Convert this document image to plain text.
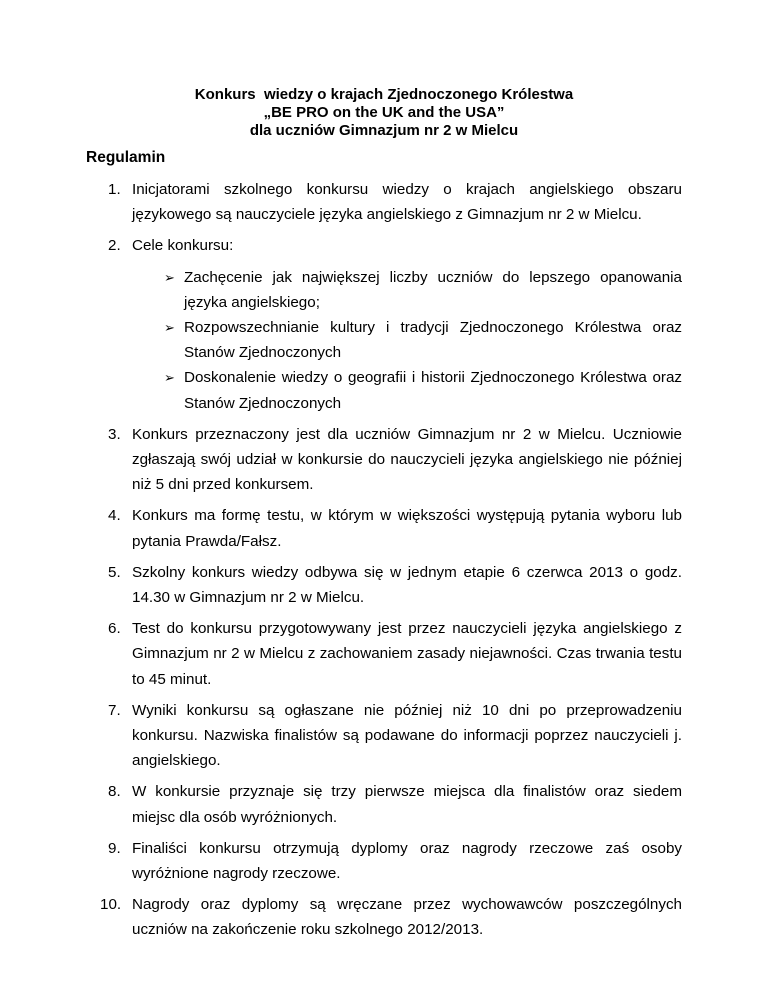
Konkurs  wiedzy o krajach Zjednoczonego Królestwa
„BE PRO on the UK and the USA”
dla uczniów Gimnazjum nr 2 w Mielcu
Regulamin
1. Inicjatorami szkolnego konkursu wiedzy o krajach angielskiego obszaru językowego są nauczyciele języka angielskiego z Gimnazjum nr 2 w Mielcu.
2. Cele konkursu:
➢ Zachęcenie jak największej liczby uczniów do lepszego opanowania języka angielskiego;
➢ Rozpowszechnianie kultury i tradycji Zjednoczonego Królestwa oraz Stanów Zjednoczonych
➢ Doskonalenie wiedzy o geografii i historii Zjednoczonego Królestwa oraz Stanów Zjednoczonych
3. Konkurs przeznaczony jest dla uczniów Gimnazjum nr 2 w Mielcu. Uczniowie zgłaszają swój udział w konkursie do nauczycieli języka angielskiego nie później niż 5 dni przed konkursem.
4. Konkurs ma formę testu, w którym w większości występują pytania wyboru lub pytania Prawda/Fałsz.
5. Szkolny konkurs wiedzy odbywa się w jednym etapie 6 czerwca 2013 o godz. 14.30 w Gimnazjum nr 2 w Mielcu.
6. Test do konkursu przygotowywany jest przez nauczycieli języka angielskiego z Gimnazjum nr 2 w Mielcu z zachowaniem zasady niejawności. Czas trwania testu to 45 minut.
7. Wyniki konkursu są ogłaszane nie później niż 10 dni po przeprowadzeniu konkursu. Nazwiska finalistów są podawane do informacji poprzez nauczycieli j. angielskiego.
8. W konkursie przyznaje się trzy pierwsze miejsca dla finalistów oraz siedem miejsc dla osób wyróżnionych.
9. Finaliści konkursu otrzymują dyplomy oraz nagrody rzeczowe zaś osoby wyróżnione nagrody rzeczowe.
10. Nagrody oraz dyplomy są wręczane przez wychowawców poszczególnych uczniów na zakończenie roku szkolnego 2012/2013.
